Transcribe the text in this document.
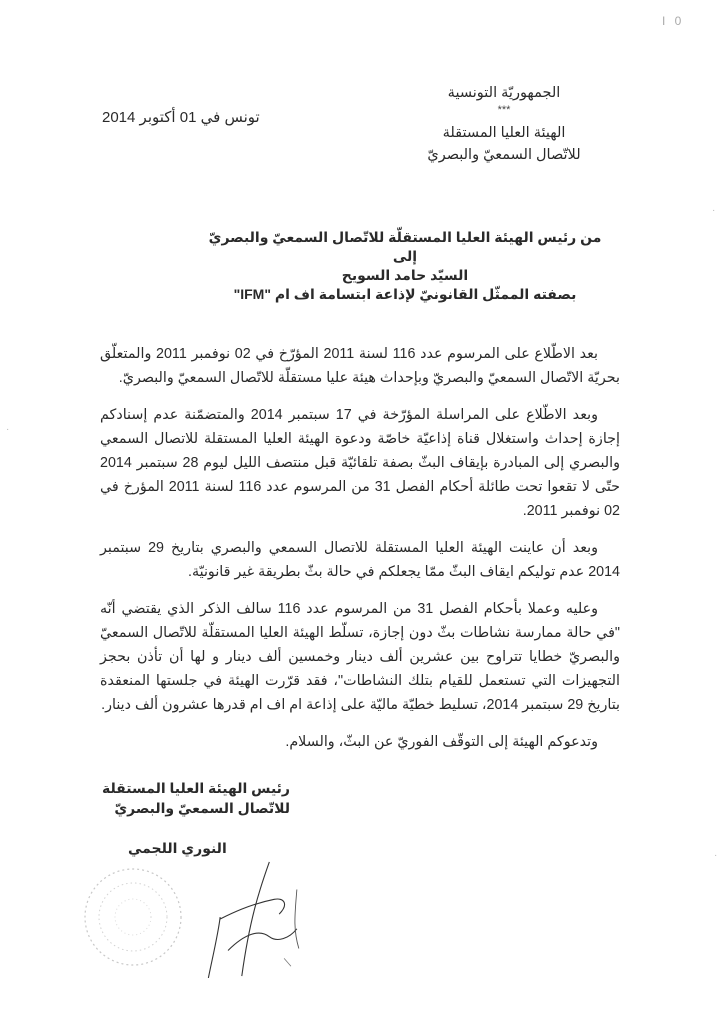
I 0
·
·
·
الجمهوريّة التونسية
***
الهيئة العليا المستقلة
للاتّصال السمعيّ والبصريّ
تونس في 01 أكتوبر 2014
من رئيس الهيئة العليا المستقلّة للاتّصال السمعيّ والبصريّ
إلى
السيّد حامد السويح
بصفته الممثّل القانونيّ لإذاعة ابتسامة اف ام "IFM"
بعد الاطّلاع على المرسوم عدد 116 لسنة 2011 المؤرّخ في 02 نوفمبر 2011 والمتعلّق بحريّة الاتّصال السمعيّ والبصريّ وبإحداث هيئة عليا مستقلّة للاتّصال السمعيّ والبصريّ.
وبعد الاطّلاع على المراسلة المؤرّخة في 17 سبتمبر 2014 والمتضمّنة عدم إسنادكم إجازة إحداث واستغلال قناة إذاعيّة خاصّة ودعوة الهيئة العليا المستقلة للاتصال السمعي والبصري إلى المبادرة بإيقاف البثّ بصفة تلقائيّة قبل منتصف الليل ليوم 28 سبتمبر 2014 حتّى لا تقعوا تحت طائلة أحكام الفصل 31 من المرسوم عدد 116 لسنة 2011 المؤرخ في 02 نوفمبر 2011.
وبعد أن عاينت الهيئة العليا المستقلة للاتصال السمعي والبصري بتاريخ 29 سبتمبر 2014 عدم توليكم ايقاف البثّ ممّا يجعلكم في حالة بثّ بطريقة غير قانونيّة.
وعليه وعملا بأحكام الفصل 31 من المرسوم عدد 116 سالف الذكر الذي يقتضي أنّه "في حالة ممارسة نشاطات بثّ دون إجازة، تسلّط الهيئة العليا المستقلّة للاتّصال السمعيّ والبصريّ خطايا تتراوح بين عشرين ألف دينار وخمسين ألف دينار و لها أن تأذن بحجز التجهيزات التي تستعمل للقيام بتلك النشاطات"، فقد قرّرت الهيئة في جلستها المنعقدة بتاريخ 29 سبتمبر 2014، تسليط خطيّة ماليّة على إذاعة ام اف ام قدرها عشرون ألف دينار.
وتدعوكم الهيئة إلى التوقّف الفوريّ عن البثّ، والسلام.
رئيس الهيئة العليا المستقلة
للاتّصال السمعيّ والبصريّ
النوري اللجمي
